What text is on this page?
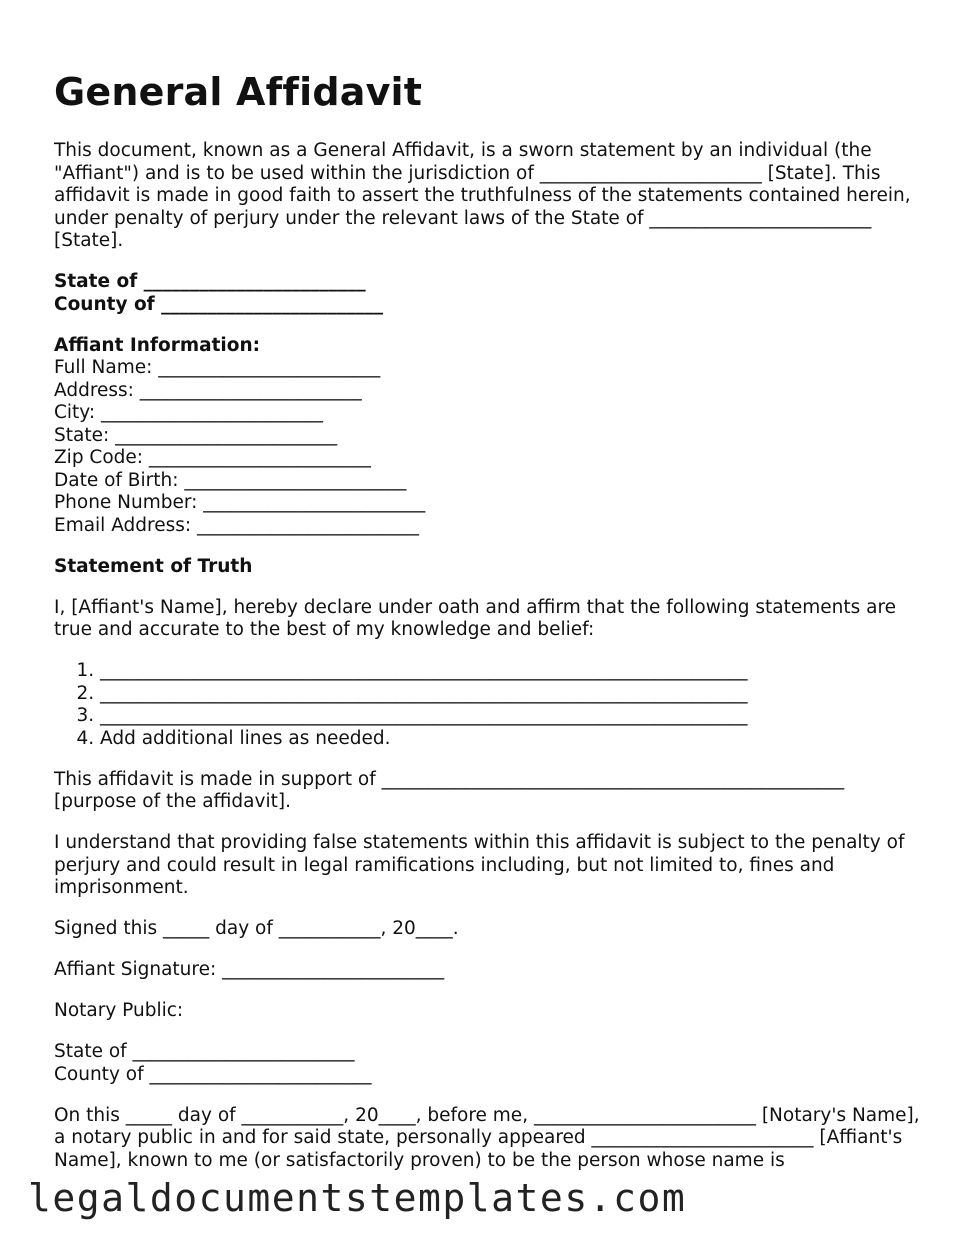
General Affidavit

This document, known as a General Affidavit, is a sworn statement by an individual (the "Affiant") and is to be used within the jurisdiction of ________________________ [State]. This affidavit is made in good faith to assert the truthfulness of the statements contained herein, under penalty of perjury under the relevant laws of the State of ________________________ [State].

State of ________________________
County of ________________________

Affiant Information:
Full Name: ________________________
Address: ________________________
City: ________________________
State: ________________________
Zip Code: ________________________
Date of Birth: ________________________
Phone Number: ________________________
Email Address: ________________________

Statement of Truth

I, [Affiant's Name], hereby declare under oath and affirm that the following statements are true and accurate to the best of my knowledge and belief:

1. ______________________________________________________________________
2. ______________________________________________________________________
3. ______________________________________________________________________
4. Add additional lines as needed.

This affidavit is made in support of __________________________________________________ [purpose of the affidavit].

I understand that providing false statements within this affidavit is subject to the penalty of perjury and could result in legal ramifications including, but not limited to, fines and imprisonment.

Signed this _____ day of ___________, 20____.

Affiant Signature: ________________________

Notary Public:

State of ________________________
County of ________________________

On this _____ day of ___________, 20____, before me, ________________________ [Notary's Name], a notary public in and for said state, personally appeared ________________________ [Affiant's Name], known to me (or satisfactorily proven) to be the person whose name is

legaldocumentstemplates.com
